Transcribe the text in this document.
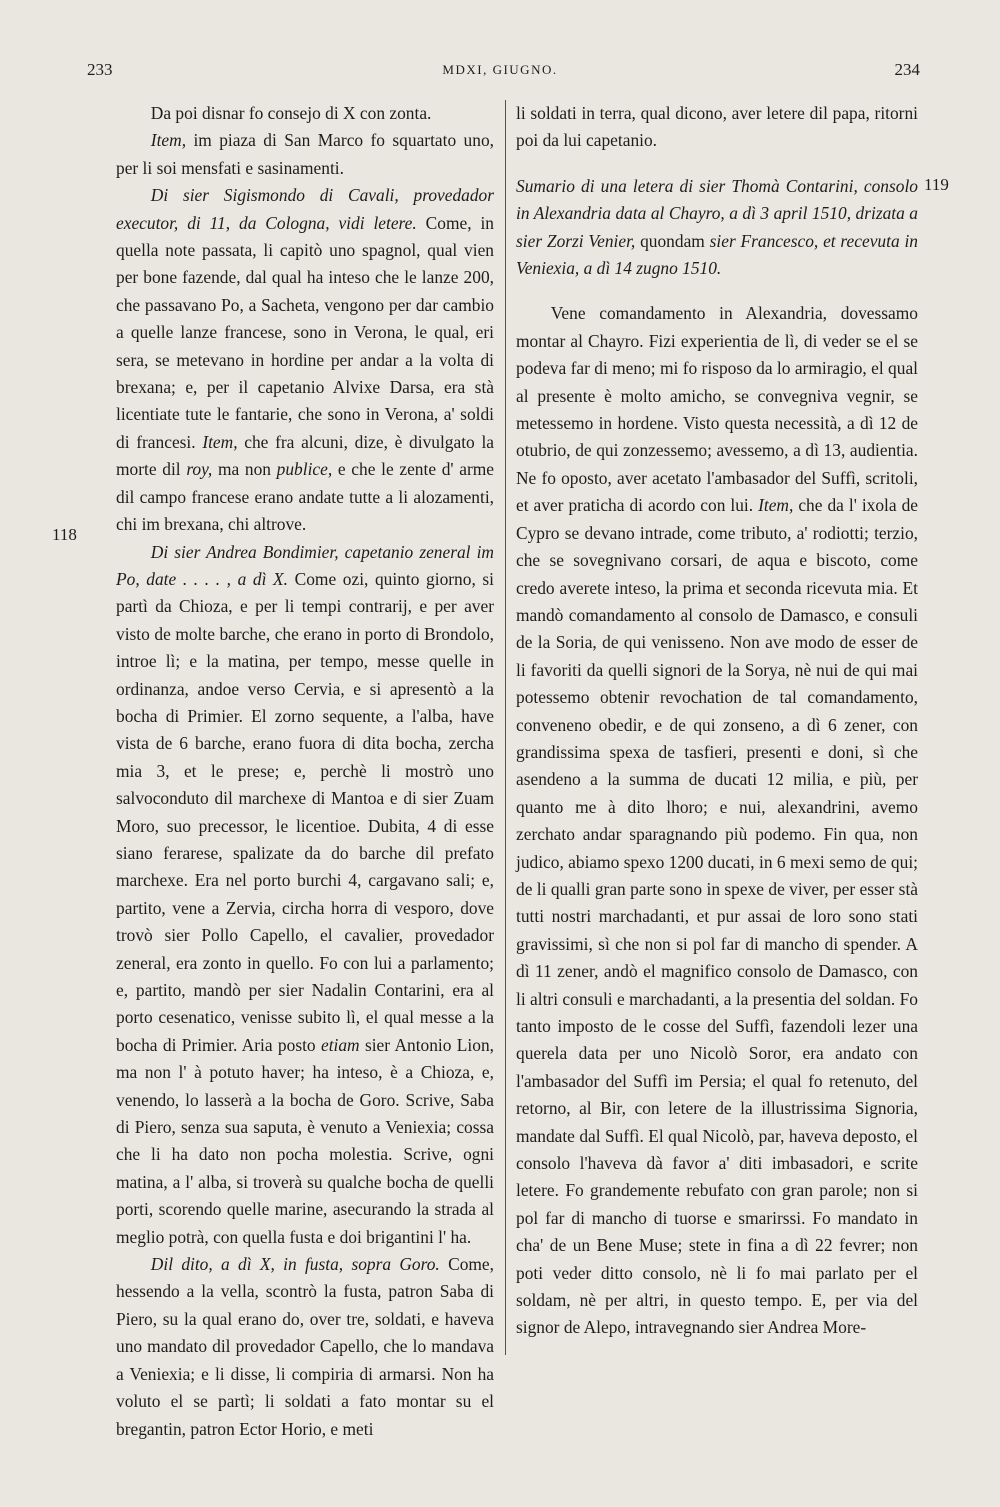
233	MDXI, GIUGNO.	234
118
119

Da poi disnar fo consejo di X con zonta.

Item, im piaza di San Marco fo squartato uno, per li soi mensfati e sasinamenti.

Di sier Sigismondo di Cavali, provedador executor, di 11, da Cologna, vidi letere. Come, in quella note passata, li capitò uno spagnol, qual vien per bone fazende, dal qual ha inteso che le lanze 200, che passavano Po, a Sacheta, vengono per dar cambio a quelle lanze francese, sono in Verona, le qual, eri sera, se metevano in hordine per andar a la volta di brexana; e, per il capetanio Alvixe Darsa, era stà licentiate tute le fantarie, che sono in Verona, a' soldi di francesi. Item, che fra alcuni, dize, è divulgato la morte dil roy, ma non publice, e che le zente d' arme dil campo francese erano andate tutte a li alozamenti, chi im brexana, chi altrove.

Di sier Andrea Bondimier, capetanio zeneral im Po, date . . . . , a dì X. Come ozi, quinto giorno, si partì da Chioza, e per li tempi contrarij, e per aver visto de molte barche, che erano in porto di Brondolo, introe lì; e la matina, per tempo, messe quelle in ordinanza, andoe verso Cervia, e si apresentò a la bocha di Primier. El zorno sequente, a l'alba, have vista de 6 barche, erano fuora di dita bocha, zercha mia 3, et le prese; e, perchè li mostrò uno salvoconduto dil marchexe di Mantoa e di sier Zuam Moro, suo precessor, le licentioe. Dubita, 4 di esse siano ferarese, spalizate da do barche dil prefato marchexe. Era nel porto burchi 4, cargavano sali; e, partito, vene a Zervia, circha horra di vesporo, dove trovò sier Pollo Capello, el cavalier, provedador zeneral, era zonto in quello. Fo con lui a parlamento; e, partito, mandò per sier Nadalin Contarini, era al porto cesenatico, venisse subito lì, el qual messe a la bocha di Primier. Aria posto etiam sier Antonio Lion, ma non l' à potuto haver; ha inteso, è a Chioza, e, venendo, lo lasserà a la bocha de Goro. Scrive, Saba di Piero, senza sua saputa, è venuto a Veniexia; cossa che li ha dato non pocha molestia. Scrive, ogni matina, a l' alba, si troverà su qualche bocha de quelli porti, scorendo quelle marine, asecurando la strada al meglio potrà, con quella fusta e doi brigantini l' ha.

Dil dito, a dì X, in fusta, sopra Goro. Come, hessendo a la vella, scontrò la fusta, patron Saba di Piero, su la qual erano do, over tre, soldati, e haveva uno mandato dil provedador Capello, che lo mandava a Veniexia; e li disse, li compiria di armarsi. Non ha voluto el se partì; li soldati a fato montar su el bregantin, patron Ector Horio, e meti

li soldati in terra, qual dicono, aver letere dil papa, ritorni poi da lui capetanio.

Sumario di una letera di sier Thomà Contarini, consolo in Alexandria data al Chayro, a dì 3 april 1510, drizata a sier Zorzi Venier, quondam sier Francesco, et recevuta in Veniexia, a dì 14 zugno 1510.

Vene comandamento in Alexandria, dovessamo montar al Chayro. Fizi experientia de lì, di veder se el se podeva far di meno; mi fo risposo da lo armiragio, el qual al presente è molto amicho, se convegniva vegnir, se metessemo in hordene. Visto questa necessità, a dì 12 de otubrio, de qui zonzessemo; avessemo, a dì 13, audientia. Ne fo oposto, aver acetato l'ambasador del Suffì, scritoli, et aver praticha di acordo con lui. Item, che da l' ixola de Cypro se devano intrade, come tributo, a' rodiotti; terzio, che se sovegnivano corsari, de aqua e biscoto, come credo averete inteso, la prima et seconda ricevuta mia. Et mandò comandamento al consolo de Damasco, e consuli de la Soria, de qui venisseno. Non ave modo de esser de li favoriti da quelli signori de la Sorya, nè nui de qui mai potessemo obtenir revochation de tal comandamento, conveneno obedir, e de qui zonseno, a dì 6 zener, con grandissima spexa de tasfieri, presenti e doni, sì che asendeno a la summa de ducati 12 milia, e più, per quanto me à dito lhoro; e nui, alexandrini, avemo zerchato andar sparagnando più podemo. Fin qua, non judico, abiamo spexo 1200 ducati, in 6 mexi semo de qui; de li qualli gran parte sono in spexe de viver, per esser stà tutti nostri marchadanti, et pur assai de loro sono stati gravissimi, sì che non si pol far di mancho di spender. A dì 11 zener, andò el magnifico consolo de Damasco, con li altri consuli e marchadanti, a la presentia del soldan. Fo tanto imposto de le cosse del Suffì, fazendoli lezer una querela data per uno Nicolò Soror, era andato con l'ambasador del Suffì im Persia; el qual fo retenuto, del retorno, al Bir, con letere de la illustrissima Signoria, mandate dal Suffì. El qual Nicolò, par, haveva deposto, el consolo l'haveva dà favor a' diti imbasadori, e scrite letere. Fo grandemente rebufato con gran parole; non si pol far di mancho di tuorse e smarirssi. Fo mandato in cha' de un Bene Muse; stete in fina a dì 22 fevrer; non poti veder ditto consolo, nè li fo mai parlato per el soldam, nè per altri, in questo tempo. E, per via del signor de Alepo, intravegnando sier Andrea More-
